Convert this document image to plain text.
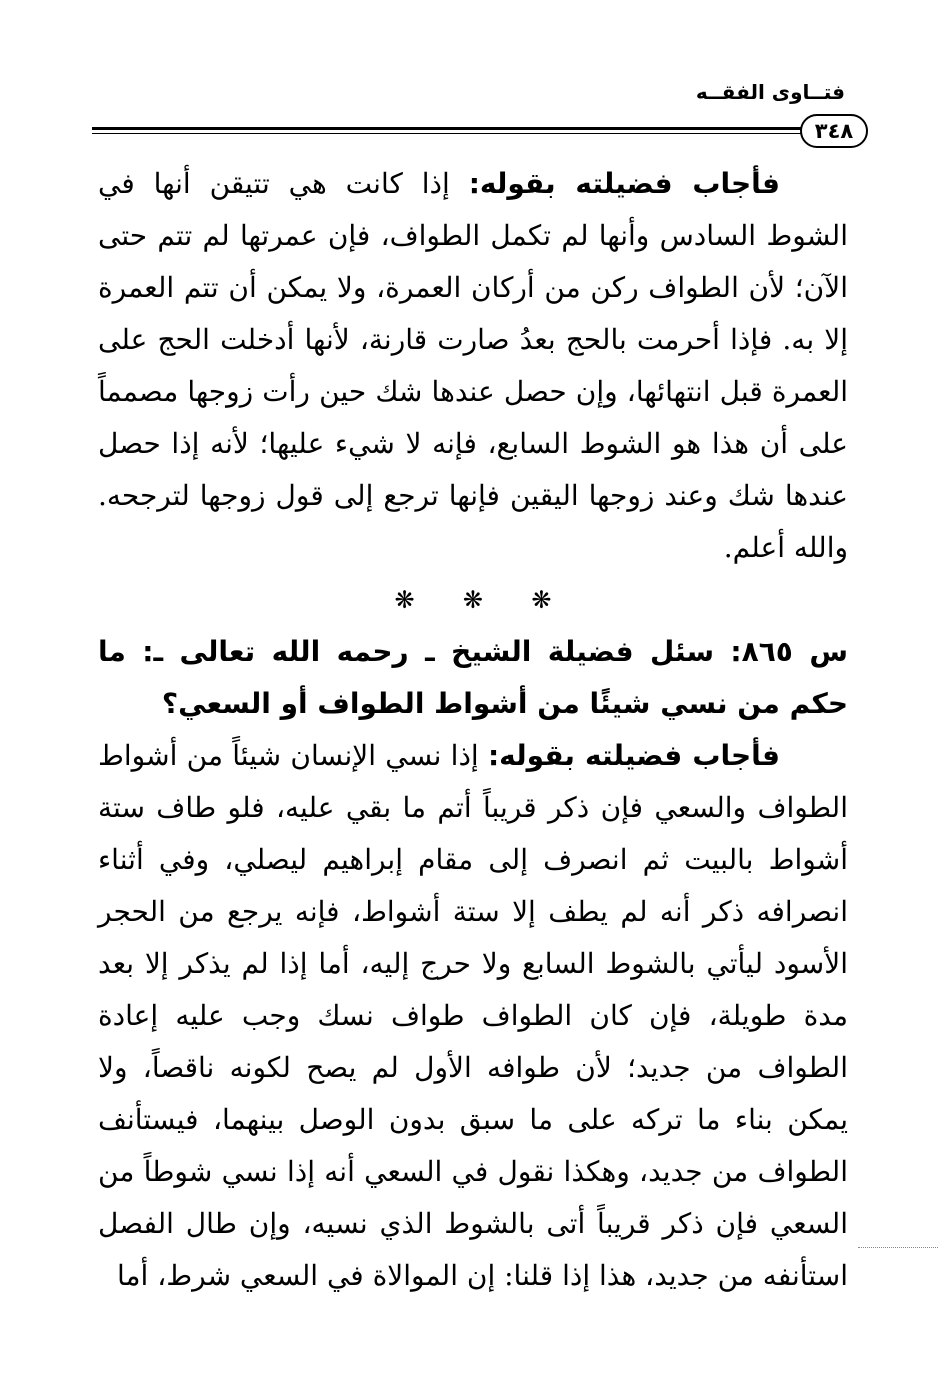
فتــاوى الفقــه
٣٤٨

فأجاب فضيلته بقوله: إذا كانت هي تتيقن أنها في الشوط السادس وأنها لم تكمل الطواف، فإن عمرتها لم تتم حتى الآن؛ لأن الطواف ركن من أركان العمرة، ولا يمكن أن تتم العمرة إلا به. فإذا أحرمت بالحج بعدُ صارت قارنة، لأنها أدخلت الحج على العمرة قبل انتهائها، وإن حصل عندها شك حين رأت زوجها مصمماً على أن هذا هو الشوط السابع، فإنه لا شيء عليها؛ لأنه إذا حصل عندها شك وعند زوجها اليقين فإنها ترجع إلى قول زوجها لترجحه. والله أعلم.

❋ ❋ ❋

س ٨٦٥: سئل فضيلة الشيخ ـ رحمه الله تعالى ـ: ما حكم من نسي شيئًا من أشواط الطواف أو السعي؟

فأجاب فضيلته بقوله: إذا نسي الإنسان شيئاً من أشواط الطواف والسعي فإن ذكر قريباً أتم ما بقي عليه، فلو طاف ستة أشواط بالبيت ثم انصرف إلى مقام إبراهيم ليصلي، وفي أثناء انصرافه ذكر أنه لم يطف إلا ستة أشواط، فإنه يرجع من الحجر الأسود ليأتي بالشوط السابع ولا حرج إليه، أما إذا لم يذكر إلا بعد مدة طويلة، فإن كان الطواف طواف نسك وجب عليه إعادة الطواف من جديد؛ لأن طوافه الأول لم يصح لكونه ناقصاً، ولا يمكن بناء ما تركه على ما سبق بدون الوصل بينهما، فيستأنف الطواف من جديد، وهكذا نقول في السعي أنه إذا نسي شوطاً من السعي فإن ذكر قريباً أتى بالشوط الذي نسيه، وإن طال الفصل استأنفه من جديد، هذا إذا قلنا: إن الموالاة في السعي شرط، أما
